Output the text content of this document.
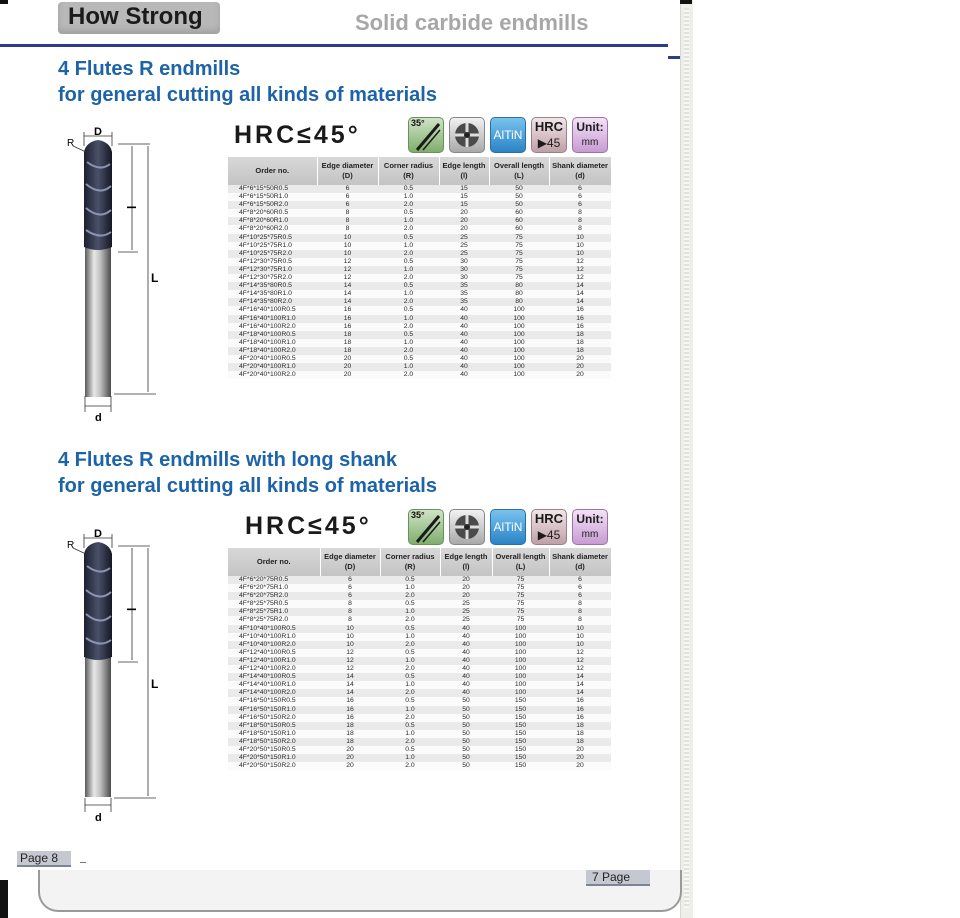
How Strong	Solid carbide endmills
4 Flutes R endmills
for general cutting all kinds of materials
R
D
l
L
d
HRC≤45°	35°
AlTiN
HRC
▶45
Unit:
mm
Order no.	Edge diameter (D)	Corner radius (R)	Edge length (l)	Overall length (L)	Shank diameter (d)
4F*6*15*50R0.5	6	0.5	15	50	6
4F*6*15*50R1.0	6	1.0	15	50	6
4F*6*15*50R2.0	6	2.0	15	50	6
4F*8*20*60R0.5	8	0.5	20	60	8
4F*8*20*60R1.0	8	1.0	20	60	8
4F*8*20*60R2.0	8	2.0	20	60	8
4F*10*25*75R0.5	10	0.5	25	75	10
4F*10*25*75R1.0	10	1.0	25	75	10
4F*10*25*75R2.0	10	2.0	25	75	10
4F*12*30*75R0.5	12	0.5	30	75	12
4F*12*30*75R1.0	12	1.0	30	75	12
4F*12*30*75R2.0	12	2.0	30	75	12
4F*14*35*80R0.5	14	0.5	35	80	14
4F*14*35*80R1.0	14	1.0	35	80	14
4F*14*35*80R2.0	14	2.0	35	80	14
4F*16*40*100R0.5	16	0.5	40	100	16
4F*16*40*100R1.0	16	1.0	40	100	16
4F*16*40*100R2.0	16	2.0	40	100	16
4F*18*40*100R0.5	18	0.5	40	100	18
4F*18*40*100R1.0	18	1.0	40	100	18
4F*18*40*100R2.0	18	2.0	40	100	18
4F*20*40*100R0.5	20	0.5	40	100	20
4F*20*40*100R1.0	20	1.0	40	100	20
4F*20*40*100R2.0	20	2.0	40	100	20
4 Flutes R endmills with long shank
for general cutting all kinds of materials
R
D
l
L
d
HRC≤45°	35°
AlTiN
HRC
▶45
Unit:
mm
Order no.	Edge diameter (D)	Corner radius (R)	Edge length (l)	Overall length (L)	Shank diameter (d)
4F*6*20*75R0.5	6	0.5	20	75	6
4F*6*20*75R1.0	6	1.0	20	75	6
4F*6*20*75R2.0	6	2.0	20	75	6
4F*8*25*75R0.5	8	0.5	25	75	8
4F*8*25*75R1.0	8	1.0	25	75	8
4F*8*25*75R2.0	8	2.0	25	75	8
4F*10*40*100R0.5	10	0.5	40	100	10
4F*10*40*100R1.0	10	1.0	40	100	10
4F*10*40*100R2.0	10	2.0	40	100	10
4F*12*40*100R0.5	12	0.5	40	100	12
4F*12*40*100R1.0	12	1.0	40	100	12
4F*12*40*100R2.0	12	2.0	40	100	12
4F*14*40*100R0.5	14	0.5	40	100	14
4F*14*40*100R1.0	14	1.0	40	100	14
4F*14*40*100R2.0	14	2.0	40	100	14
4F*16*50*150R0.5	16	0.5	50	150	16
4F*16*50*150R1.0	16	1.0	50	150	16
4F*16*50*150R2.0	16	2.0	50	150	16
4F*18*50*150R0.5	18	0.5	50	150	18
4F*18*50*150R1.0	18	1.0	50	150	18
4F*18*50*150R2.0	18	2.0	50	150	18
4F*20*50*150R0.5	20	0.5	50	150	20
4F*20*50*150R1.0	20	1.0	50	150	20
4F*20*50*150R2.0	20	2.0	50	150	20
Page 8
7 Page
